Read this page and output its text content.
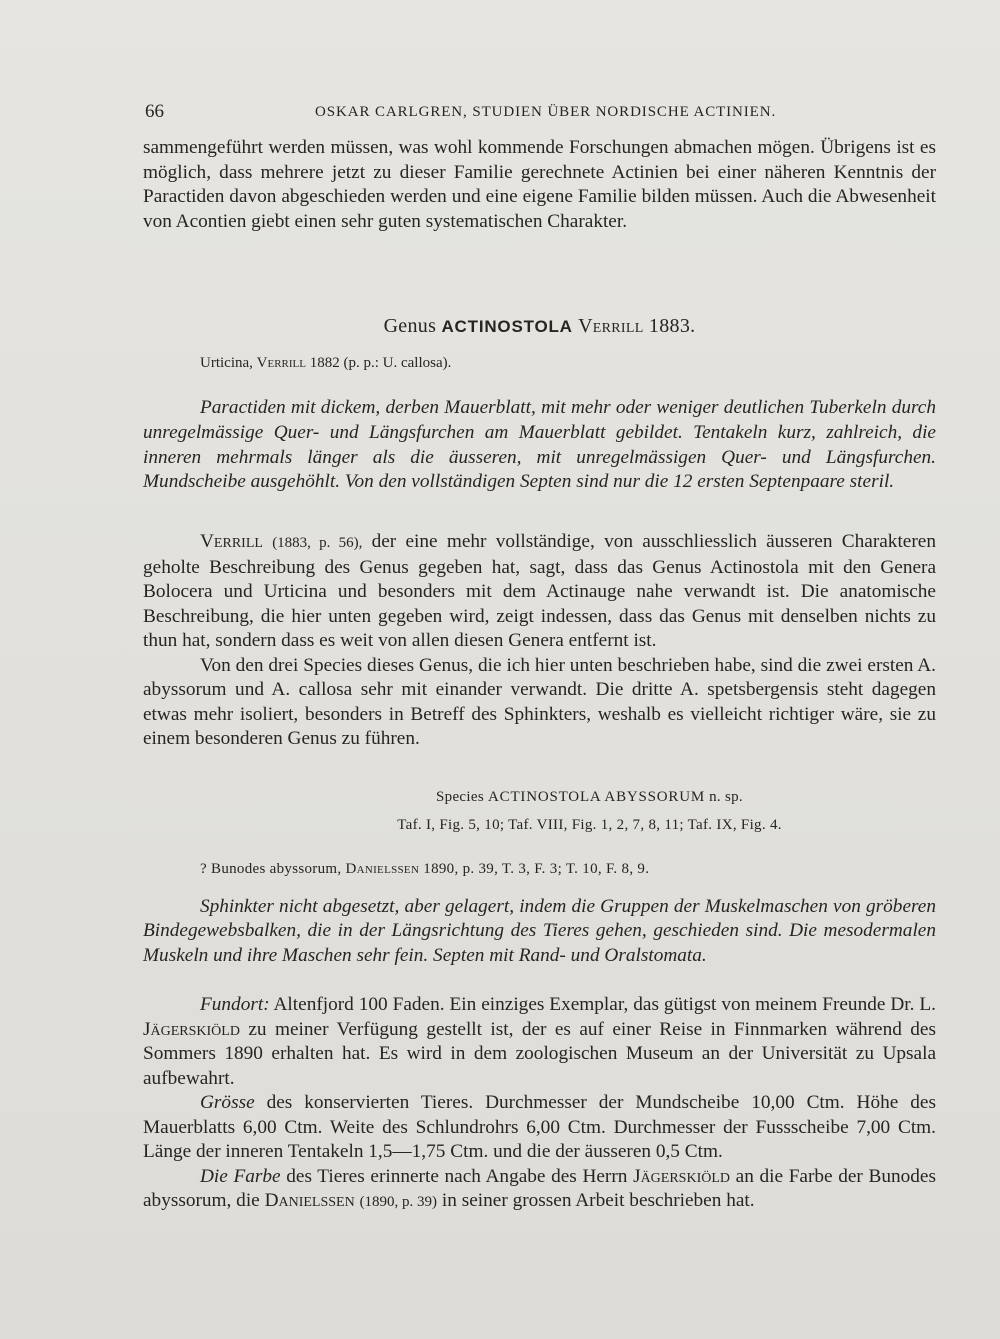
66	OSKAR CARLGREN, STUDIEN ÜBER NORDISCHE ACTINIEN.

sammengeführt werden müssen, was wohl kommende Forschungen abmachen mögen. Übrigens ist es möglich, dass mehrere jetzt zu dieser Familie gerechnete Actinien bei einer näheren Kenntnis der Paractiden davon abgeschieden werden und eine eigene Familie bilden müssen. Auch die Abwesenheit von Acontien giebt einen sehr guten systematischen Charakter.

Genus ACTINOSTOLA Verrill 1883.
Urticina, Verrill 1882 (p. p.: U. callosa).

Paractiden mit dickem, derben Mauerblatt, mit mehr oder weniger deutlichen Tuberkeln durch unregelmässige Quer- und Längsfurchen am Mauerblatt gebildet. Tentakeln kurz, zahlreich, die inneren mehrmals länger als die äusseren, mit unregelmässigen Quer- und Längsfurchen. Mundscheibe ausgehöhlt. Von den vollständigen Septen sind nur die 12 ersten Septenpaare steril.

Verrill (1883, p. 56), der eine mehr vollständige, von ausschliesslich äusseren Charakteren geholte Beschreibung des Genus gegeben hat, sagt, dass das Genus Actinostola mit den Genera Bolocera und Urticina und besonders mit dem Actinauge nahe verwandt ist. Die anatomische Beschreibung, die hier unten gegeben wird, zeigt indessen, dass das Genus mit denselben nichts zu thun hat, sondern dass es weit von allen diesen Genera entfernt ist.

Von den drei Species dieses Genus, die ich hier unten beschrieben habe, sind die zwei ersten A. abyssorum und A. callosa sehr mit einander verwandt. Die dritte A. spetsbergensis steht dagegen etwas mehr isoliert, besonders in Betreff des Sphinkters, weshalb es vielleicht richtiger wäre, sie zu einem besonderen Genus zu führen.

Species ACTINOSTOLA ABYSSORUM n. sp.
Taf. I, Fig. 5, 10; Taf. VIII, Fig. 1, 2, 7, 8, 11; Taf. IX, Fig. 4.
? Bunodes abyssorum, Danielssen 1890, p. 39, T. 3, F. 3; T. 10, F. 8, 9.

Sphinkter nicht abgesetzt, aber gelagert, indem die Gruppen der Muskelmaschen von gröberen Bindegewebsbalken, die in der Längsrichtung des Tieres gehen, geschieden sind. Die mesodermalen Muskeln und ihre Maschen sehr fein. Septen mit Rand- und Oralstomata.

Fundort: Altenfjord 100 Faden. Ein einziges Exemplar, das gütigst von meinem Freunde Dr. L. Jägerskiöld zu meiner Verfügung gestellt ist, der es auf einer Reise in Finnmarken während des Sommers 1890 erhalten hat. Es wird in dem zoologischen Museum an der Universität zu Upsala aufbewahrt.

Grösse des konservierten Tieres. Durchmesser der Mundscheibe 10,00 Ctm. Höhe des Mauerblatts 6,00 Ctm. Weite des Schlundrohrs 6,00 Ctm. Durchmesser der Fussscheibe 7,00 Ctm. Länge der inneren Tentakeln 1,5—1,75 Ctm. und die der äusseren 0,5 Ctm.

Die Farbe des Tieres erinnerte nach Angabe des Herrn Jägerskiöld an die Farbe der Bunodes abyssorum, die Danielssen (1890, p. 39) in seiner grossen Arbeit beschrieben hat.
